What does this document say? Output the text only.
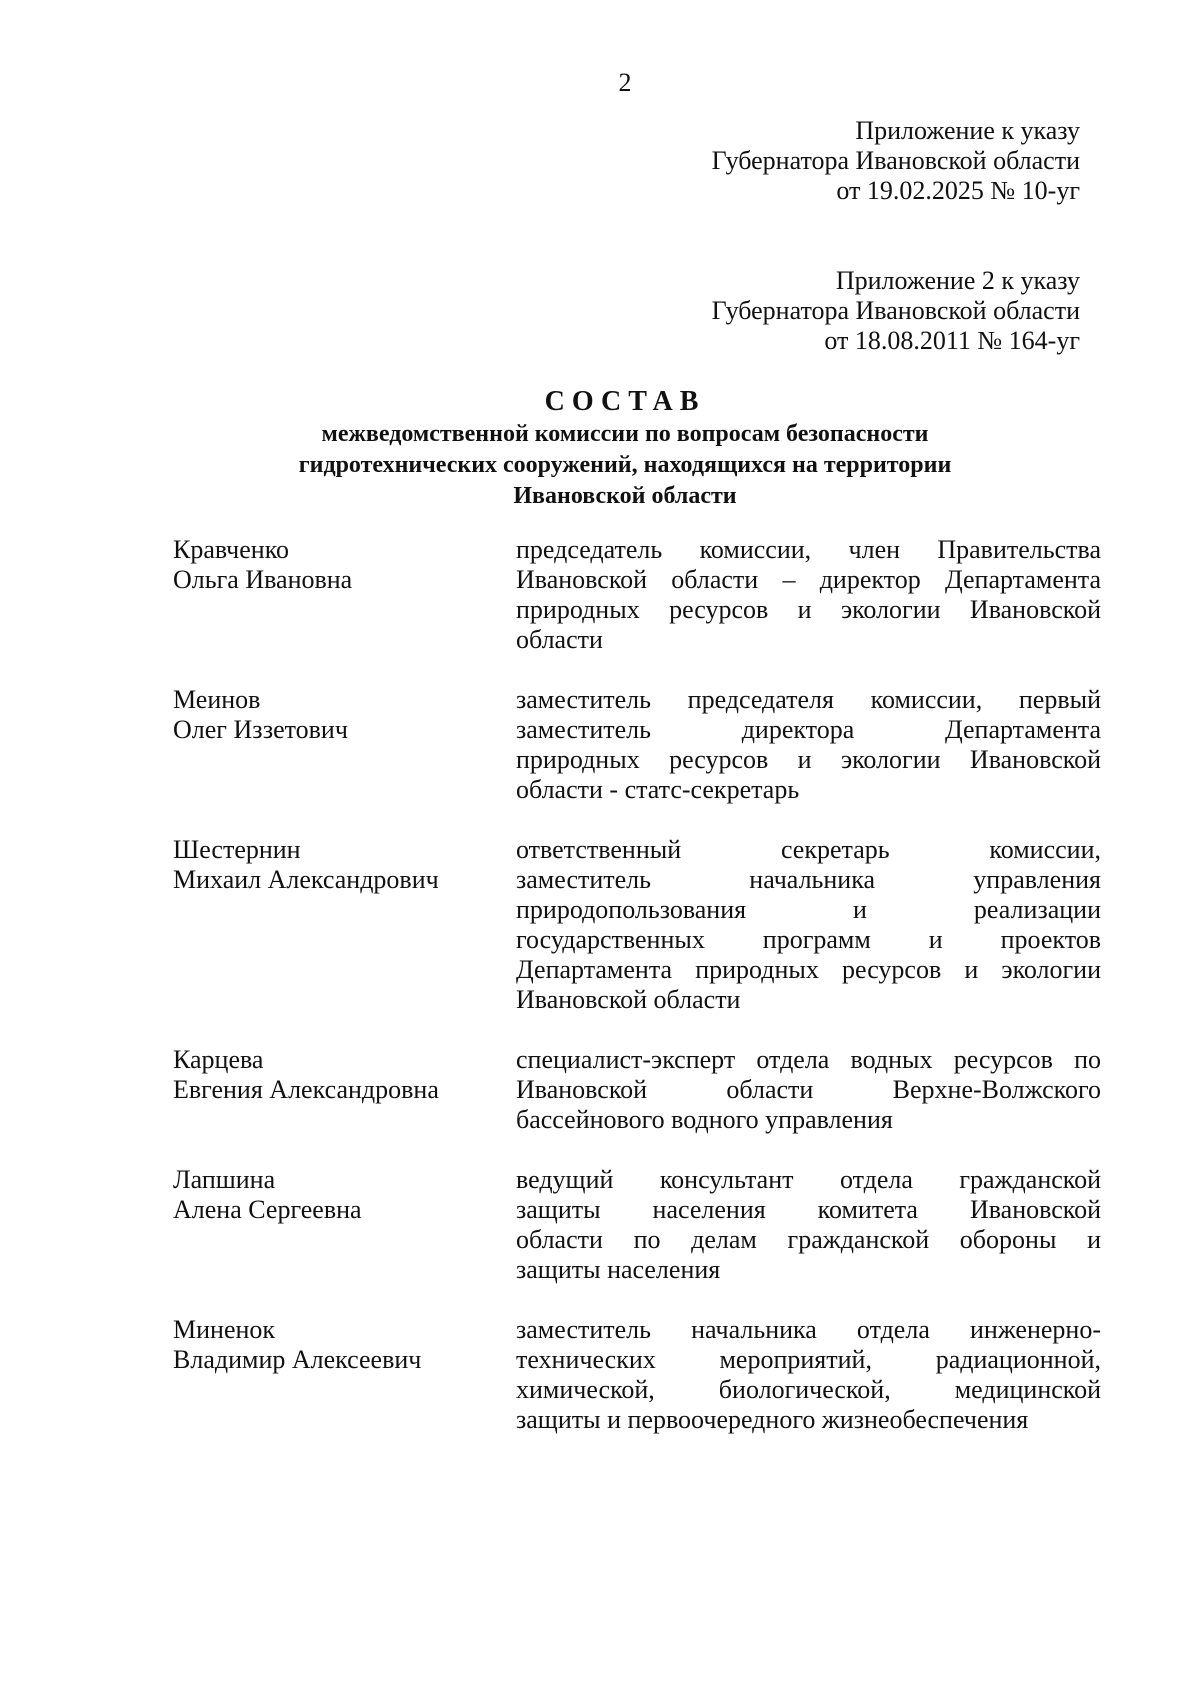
2
Приложение к указу
Губернатора Ивановской области
от 19.02.2025 № 10-уг
Приложение 2 к указу
Губернатора Ивановской области
от 18.08.2011 № 164-уг
СОСТАВ
межведомственной комиссии по вопросам безопасности
гидротехнических сооружений, находящихся на территории
Ивановской области
Кравченко
Ольга Ивановна
председатель комиссии, член Правительства
Ивановской области – директор Департамента
природных ресурсов и экологии Ивановской
области
Меинов
Олег Иззетович
заместитель председателя комиссии, первый
заместитель директора Департамента
природных ресурсов и экологии Ивановской
области - статс-секретарь
Шестернин
Михаил Александрович
ответственный секретарь комиссии,
заместитель начальника управления
природопользования и реализации
государственных программ и проектов
Департамента природных ресурсов и экологии
Ивановской области
Карцева
Евгения Александровна
специалист-эксперт отдела водных ресурсов по
Ивановской области Верхне-Волжского
бассейнового водного управления
Лапшина
Алена Сергеевна
ведущий консультант отдела гражданской
защиты населения комитета Ивановской
области по делам гражданской обороны и
защиты населения
Миненок
Владимир Алексеевич
заместитель начальника отдела инженерно-
технических мероприятий, радиационной,
химической, биологической, медицинской
защиты и первоочередного жизнеобеспечения
